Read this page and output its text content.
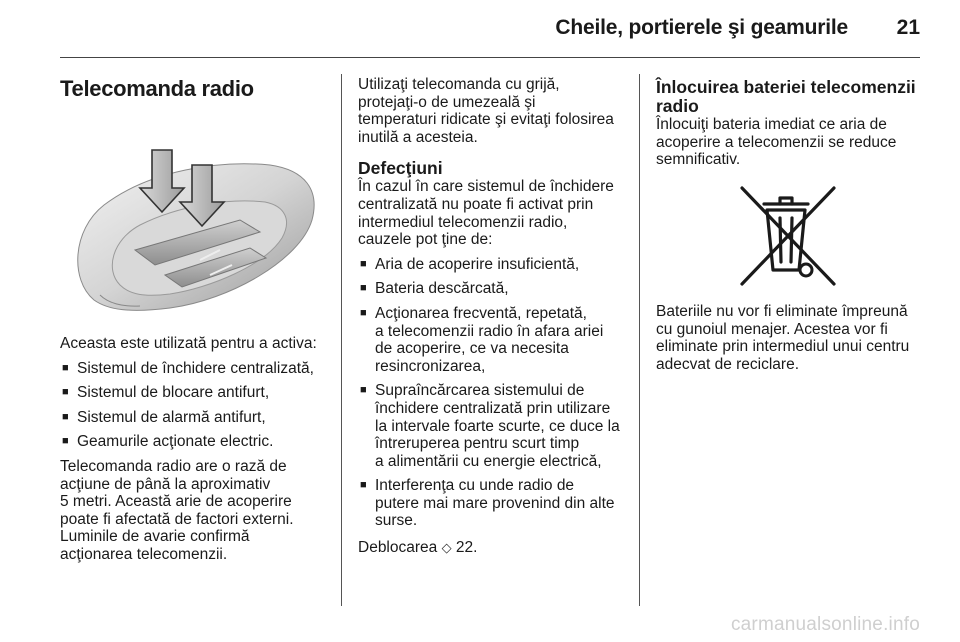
Cheile, portierele şi geamurile 21
Telecomanda radio

Aceasta este utilizată pentru a activa:

■ Sistemul de închidere centralizată,
■ Sistemul de blocare antifurt,
■ Sistemul de alarmă antifurt,
■ Geamurile acţionate electric.

Telecomanda radio are o rază de
acţiune de până la aproximativ
5 metri. Această arie de acoperire
poate fi afectată de factori externi.
Luminile de avarie confirmă
acţionarea telecomenzii.

Utilizaţi telecomanda cu grijă,
protejaţi-o de umezeală şi
temperaturi ridicate şi evitaţi folosirea
inutilă a acesteia.

Defecţiuni

În cazul în care sistemul de închidere
centralizată nu poate fi activat prin
intermediul telecomenzii radio,
cauzele pot ţine de:

■ Aria de acoperire insuficientă,
■ Bateria descărcată,
■ Acţionarea frecventă, repetată,
a telecomenzii radio în afara ariei
de acoperire, ce va necesita
resincronizarea,
■ Supraîncărcarea sistemului de
închidere centralizată prin utilizare
la intervale foarte scurte, ce duce la
întreruperea pentru scurt timp
a alimentării cu energie electrică,
■ Interferenţa cu unde radio de
putere mai mare provenind din alte
surse.

Deblocarea ◇ 22.

Înlocuirea bateriei telecomenzii
radio

Înlocuiţi bateria imediat ce aria de
acoperire a telecomenzii se reduce
semnificativ.

Bateriile nu vor fi eliminate împreună
cu gunoiul menajer. Acestea vor fi
eliminate prin intermediul unui centru
adecvat de reciclare.

carmanualsonline.info
